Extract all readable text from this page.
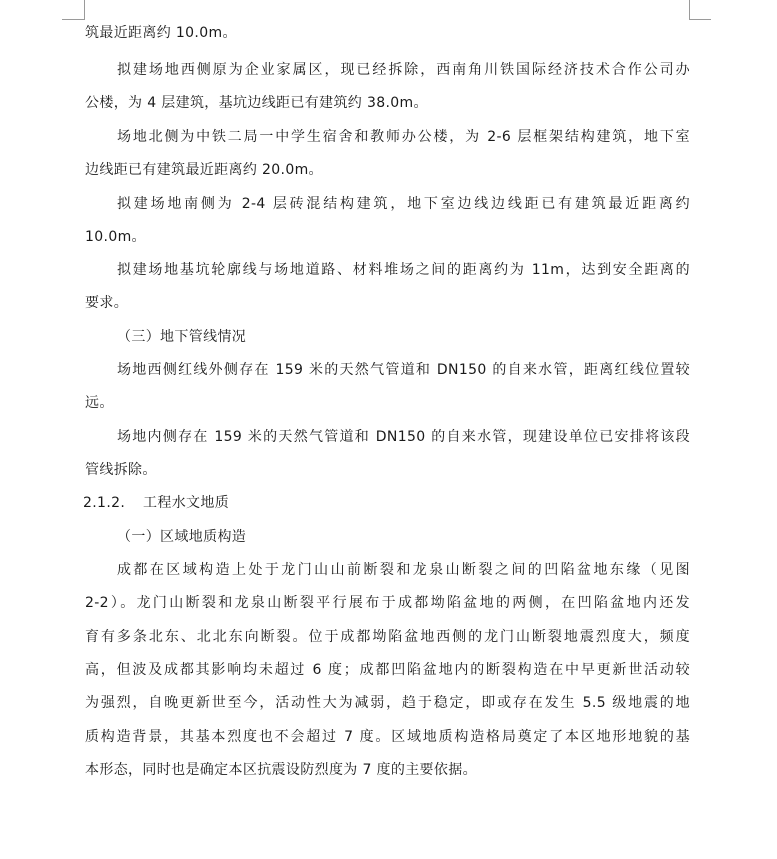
筑最近距离约 10.0m。
拟建场地西侧原为企业家属区，现已经拆除，西南角川铁国际经济技术合作公司办
公楼，为 4 层建筑，基坑边线距已有建筑约 38.0m。
场地北侧为中铁二局一中学生宿舍和教师办公楼，为 2-6 层框架结构建筑，地下室
边线距已有建筑最近距离约 20.0m。
拟建场地南侧为 2-4 层砖混结构建筑，地下室边线边线距已有建筑最近距离约
10.0m。
拟建场地基坑轮廓线与场地道路、材料堆场之间的距离约为 11m，达到安全距离的
要求。
（三）地下管线情况
场地西侧红线外侧存在 159 米的天然气管道和 DN150 的自来水管，距离红线位置较
远。
场地内侧存在 159 米的天然气管道和 DN150 的自来水管，现建设单位已安排将该段
管线拆除。
2.1.2. 工程水文地质
（一）区域地质构造
成都在区域构造上处于龙门山山前断裂和龙泉山断裂之间的凹陷盆地东缘（见图
2-2）。龙门山断裂和龙泉山断裂平行展布于成都坳陷盆地的两侧，在凹陷盆地内还发
育有多条北东、北北东向断裂。位于成都坳陷盆地西侧的龙门山断裂地震烈度大，频度
高，但波及成都其影响均未超过 6 度；成都凹陷盆地内的断裂构造在中早更新世活动较
为强烈，自晚更新世至今，活动性大为减弱，趋于稳定，即或存在发生 5.5 级地震的地
质构造背景，其基本烈度也不会超过 7 度。区域地质构造格局奠定了本区地形地貌的基
本形态，同时也是确定本区抗震设防烈度为 7 度的主要依据。
